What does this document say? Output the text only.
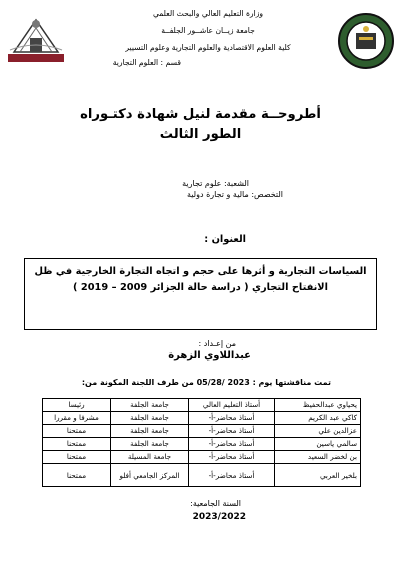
وزارة التعليم العالي والبحث العلمي
جامعة زيــان عاشــور الجلفــة
كلية العلوم الاقتصادية والعلوم التجارية وعلوم التسيير
قسم : العلوم التجارية
أطروحــة مقدمة لنيل شهادة دكتـوراه
الطور الثالث
الشعبة: علوم تجارية
التخصص: مالية و تجارة دولية
العنوان :
السياسات التجارية و أثرها على حجم و اتجاه التجارة الخارجية في ظل
الانفتاح التجاري ( دراسة حالة الجزائر 2009 – 2019 )
من إعـداد :
عبداللاوي الزهرة
تمت مناقشتها يوم : 2023 /05/28 من طرف اللجنة المكونة من:
يحياوي عبدالحفيظ	أستاذ التعليم العالي	جامعة الجلفة	رئيسا
كاكي عبد الكريم	أستاذ محاضر-أ-	جامعة الجلفة	مشرفا و مقررا
عزالدين علي	أستاذ محاضر-أ-	جامعة الجلفة	ممتحنا
سالمي ياسين	أستاذ محاضر-أ-	جامعة الجلفة	ممتحنا
بن لخضر السعيد	أستاذ محاضر-أ-	جامعة المسيلة	ممتحنا
بلخير العربي	أستاذ محاضر-أ-	المركز الجامعي أفلو	ممتحنا
السنة الجامعية:
2023/2022
